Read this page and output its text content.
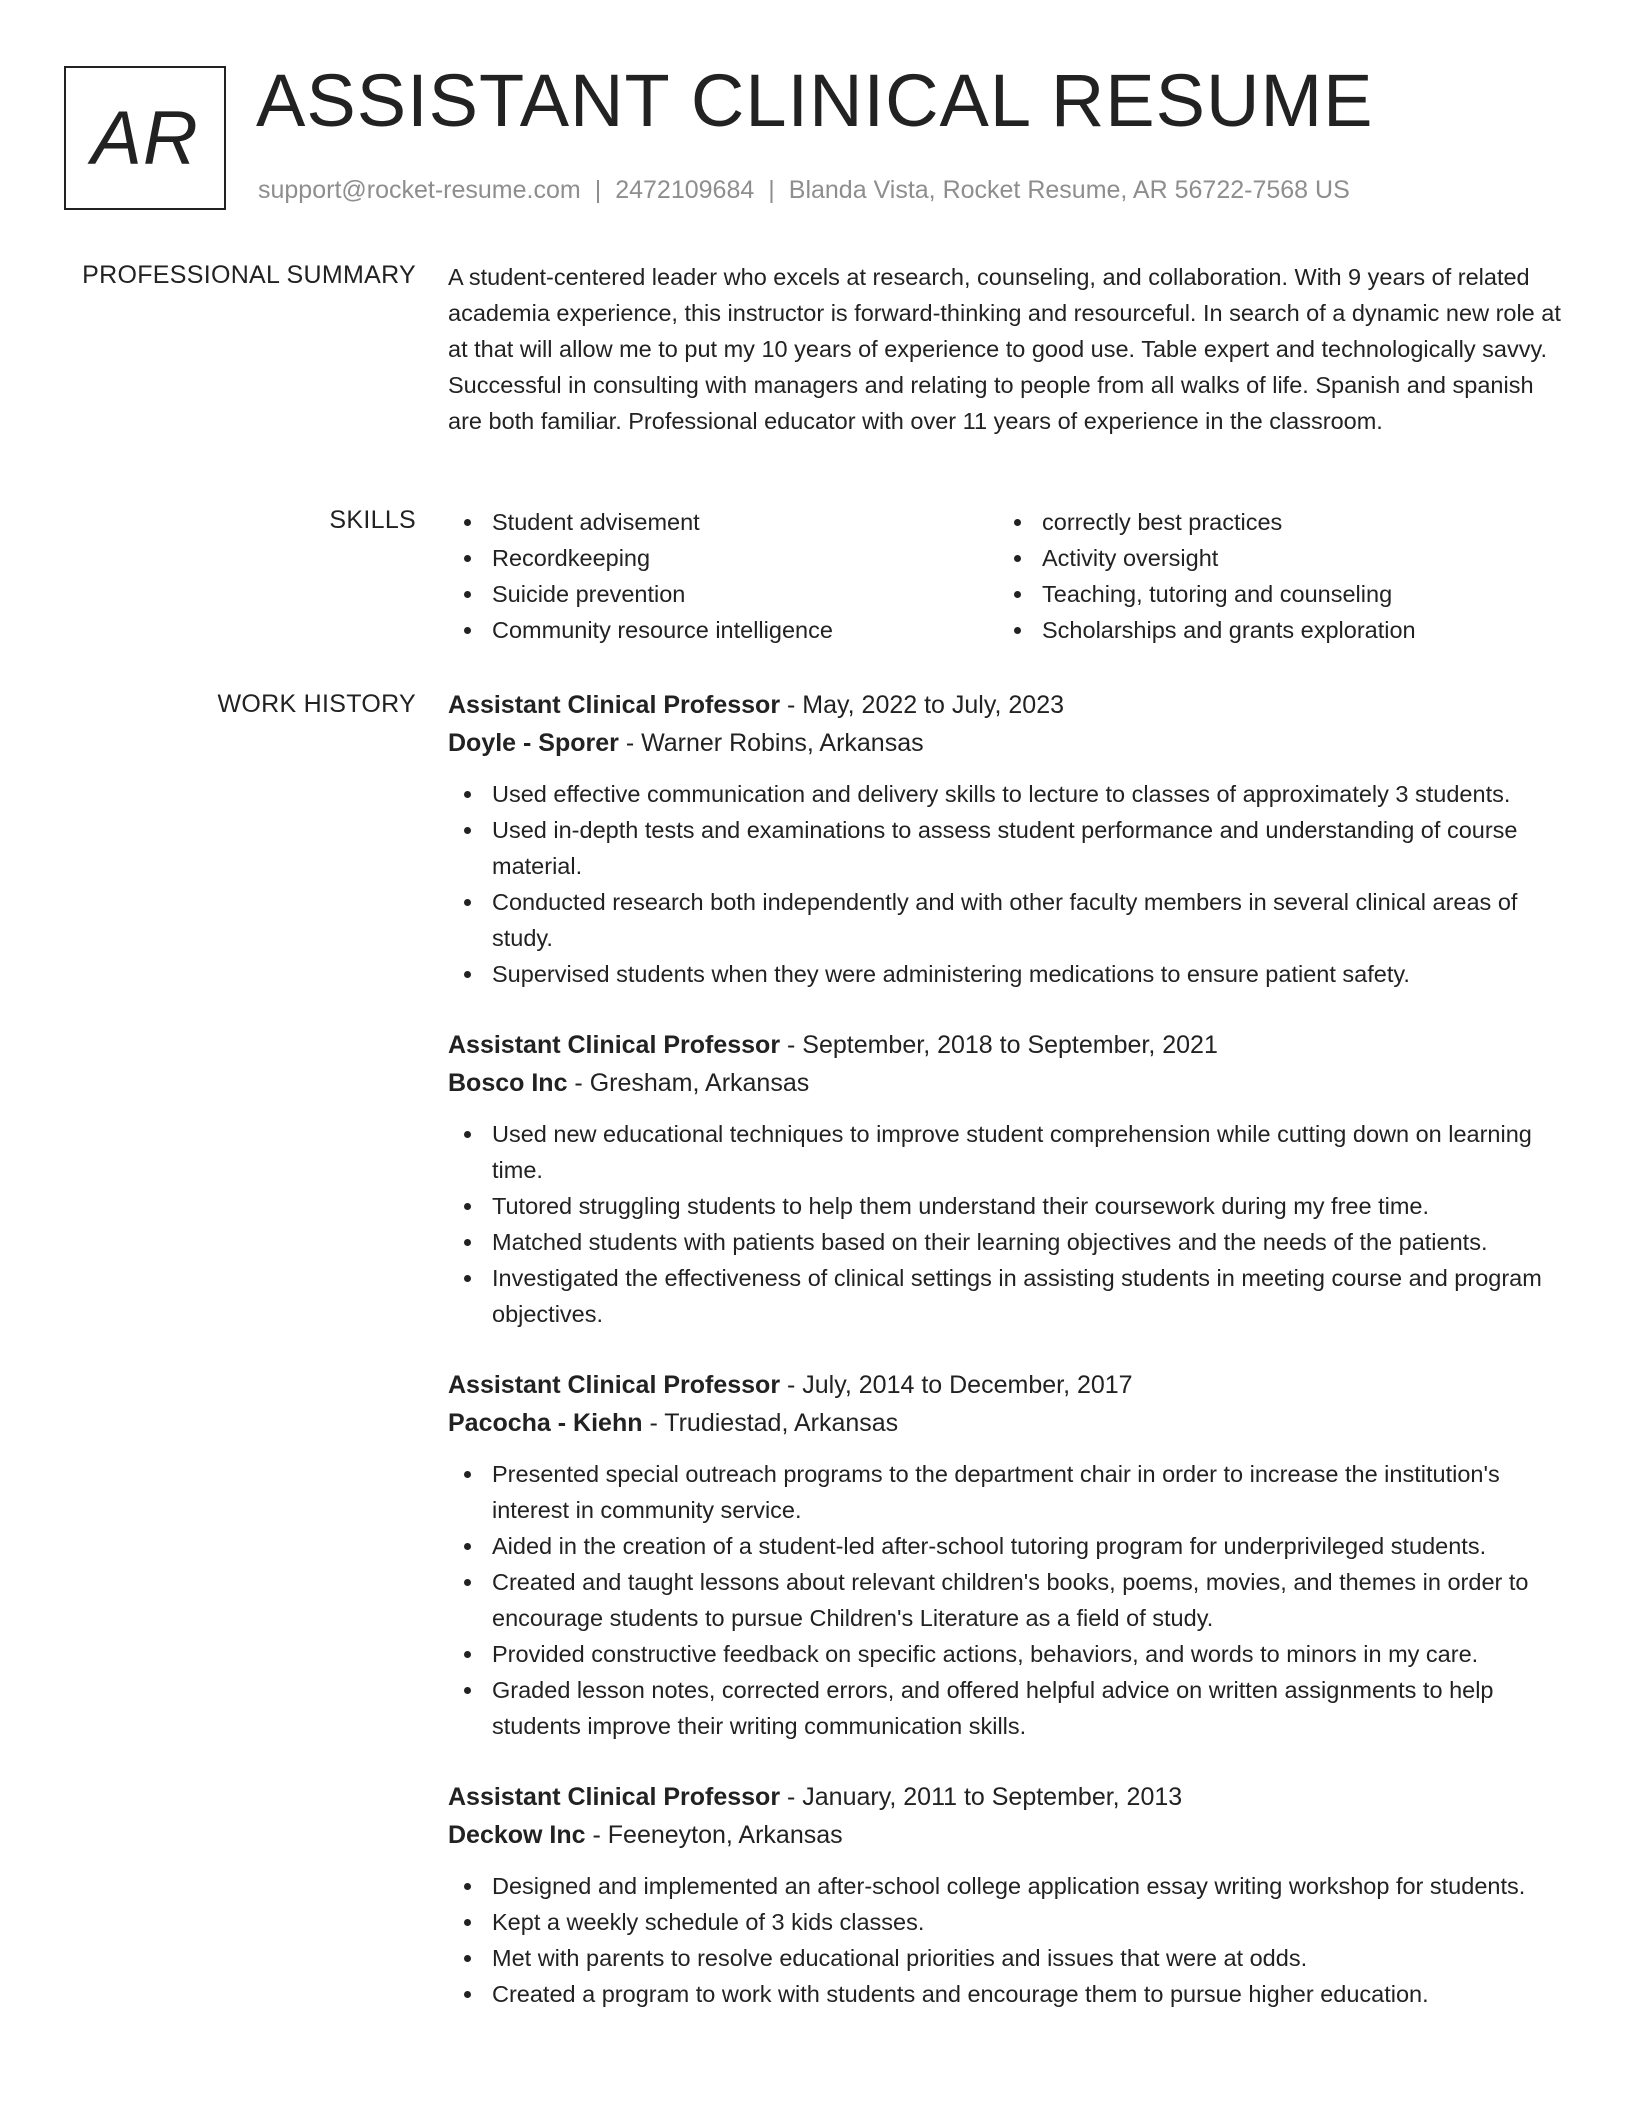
AR ASSISTANT CLINICAL RESUME
support@rocket-resume.com | 2472109684 | Blanda Vista, Rocket Resume, AR 56722-7568 US
PROFESSIONAL SUMMARY A student-centered leader who excels at research, counseling, and collaboration. With 9 years of related academia experience, this instructor is forward-thinking and resourceful. In search of a dynamic new role at at that will allow me to put my 10 years of experience to good use. Table expert and technologically savvy. Successful in consulting with managers and relating to people from all walks of life. Spanish and spanish are both familiar. Professional educator with over 11 years of experience in the classroom.
SKILLS	Student advisement	correctly best practices
Recordkeeping	Activity oversight
Suicide prevention	Teaching, tutoring and counseling
Community resource intelligence	Scholarships and grants exploration
WORK HISTORY Assistant Clinical Professor - May, 2022 to July, 2023
Doyle - Sporer - Warner Robins, Arkansas
Used effective communication and delivery skills to lecture to classes of approximately 3 students.
Used in-depth tests and examinations to assess student performance and understanding of course material.
Conducted research both independently and with other faculty members in several clinical areas of study.
Supervised students when they were administering medications to ensure patient safety.
Assistant Clinical Professor - September, 2018 to September, 2021
Bosco Inc - Gresham, Arkansas
Used new educational techniques to improve student comprehension while cutting down on learning time.
Tutored struggling students to help them understand their coursework during my free time.
Matched students with patients based on their learning objectives and the needs of the patients.
Investigated the effectiveness of clinical settings in assisting students in meeting course and program objectives.
Assistant Clinical Professor - July, 2014 to December, 2017
Pacocha - Kiehn - Trudiestad, Arkansas
Presented special outreach programs to the department chair in order to increase the institution's interest in community service.
Aided in the creation of a student-led after-school tutoring program for underprivileged students.
Created and taught lessons about relevant children's books, poems, movies, and themes in order to encourage students to pursue Children's Literature as a field of study.
Provided constructive feedback on specific actions, behaviors, and words to minors in my care.
Graded lesson notes, corrected errors, and offered helpful advice on written assignments to help students improve their writing communication skills.
Assistant Clinical Professor - January, 2011 to September, 2013
Deckow Inc - Feeneyton, Arkansas
Designed and implemented an after-school college application essay writing workshop for students.
Kept a weekly schedule of 3 kids classes.
Met with parents to resolve educational priorities and issues that were at odds.
Created a program to work with students and encourage them to pursue higher education.
